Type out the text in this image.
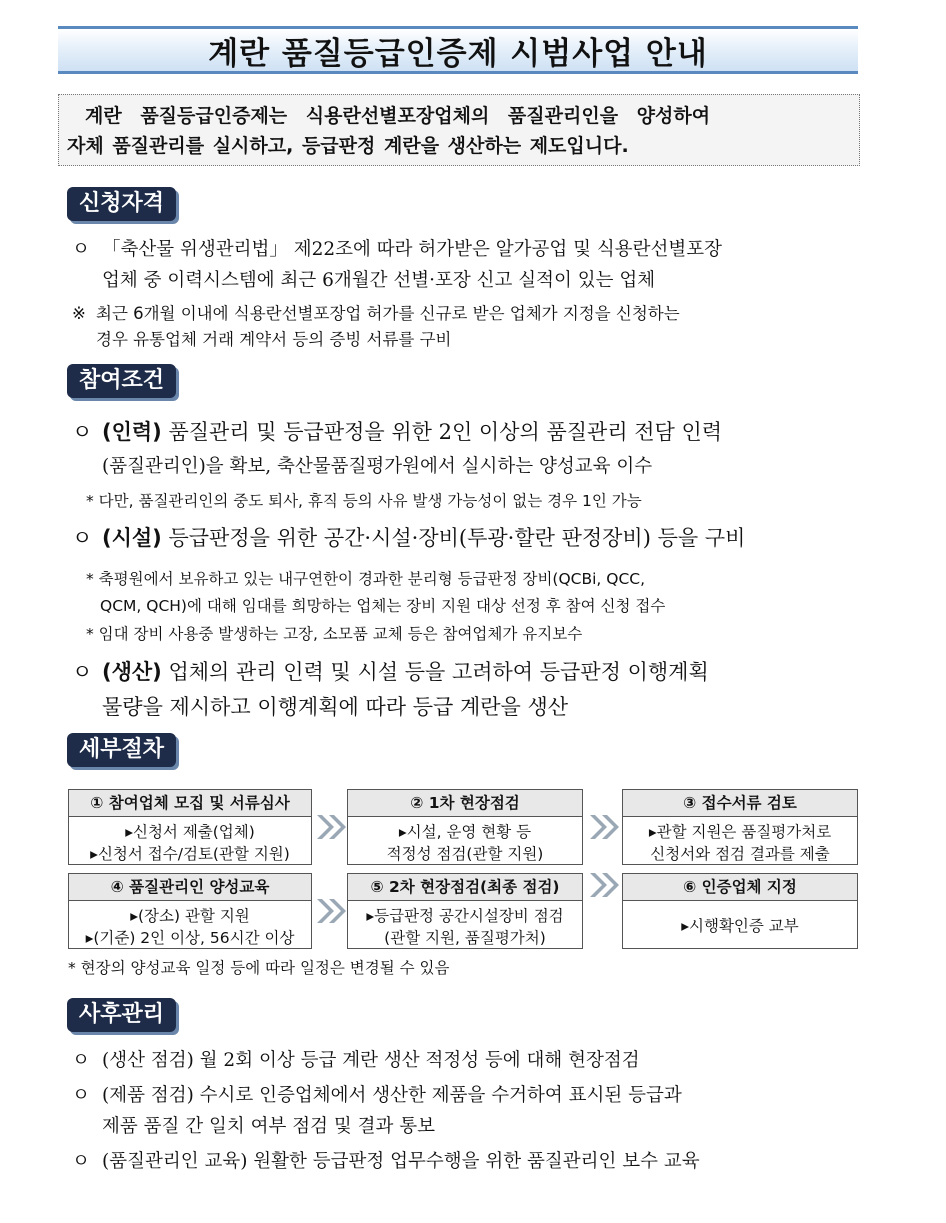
계란 품질등급인증제 시범사업 안내
계란 품질등급인증제는 식용란선별포장업체의 품질관리인을 양성하여
자체 품질관리를 실시하고, 등급판정 계란을 생산하는 제도입니다.
신청자격
ㅇ 「축산물 위생관리법」 제22조에 따라 허가받은 알가공업 및 식용란선별포장
업체 중 이력시스템에 최근 6개월간 선별·포장 신고 실적이 있는 업체
※ 최근 6개월 이내에 식용란선별포장업 허가를 신규로 받은 업체가 지정을 신청하는
경우 유통업체 거래 계약서 등의 증빙 서류를 구비
참여조건
ㅇ (인력) 품질관리 및 등급판정을 위한 2인 이상의 품질관리 전담 인력
(품질관리인)을 확보, 축산물품질평가원에서 실시하는 양성교육 이수
* 다만, 품질관리인의 중도 퇴사, 휴직 등의 사유 발생 가능성이 없는 경우 1인 가능
ㅇ (시설) 등급판정을 위한 공간·시설·장비(투광·할란 판정장비) 등을 구비
* 축평원에서 보유하고 있는 내구연한이 경과한 분리형 등급판정 장비(QCBi, QCC,
QCM, QCH)에 대해 임대를 희망하는 업체는 장비 지원 대상 선정 후 참여 신청 접수
* 임대 장비 사용중 발생하는 고장, 소모품 교체 등은 참여업체가 유지보수
ㅇ (생산) 업체의 관리 인력 및 시설 등을 고려하여 등급판정 이행계획
물량을 제시하고 이행계획에 따라 등급 계란을 생산
세부절차
① 참여업체 모집 및 서류심사
▸신청서 제출(업체)
▸신청서 접수/검토(관할 지원)
② 1차 현장점검
▸시설, 운영 현황 등
적정성 점검(관할 지원)
③ 접수서류 검토
▸관할 지원은 품질평가처로
신청서와 점검 결과를 제출
④ 품질관리인 양성교육
▸(장소) 관할 지원
▸(기준) 2인 이상, 56시간 이상
⑤ 2차 현장점검(최종 점검)
▸등급판정 공간시설장비 점검
(관할 지원, 품질평가처)
⑥ 인증업체 지정
▸시행확인증 교부
* 현장의 양성교육 일정 등에 따라 일정은 변경될 수 있음
사후관리
ㅇ (생산 점검) 월 2회 이상 등급 계란 생산 적정성 등에 대해 현장점검
ㅇ (제품 점검) 수시로 인증업체에서 생산한 제품을 수거하여 표시된 등급과
제품 품질 간 일치 여부 점검 및 결과 통보
ㅇ (품질관리인 교육) 원활한 등급판정 업무수행을 위한 품질관리인 보수 교육
